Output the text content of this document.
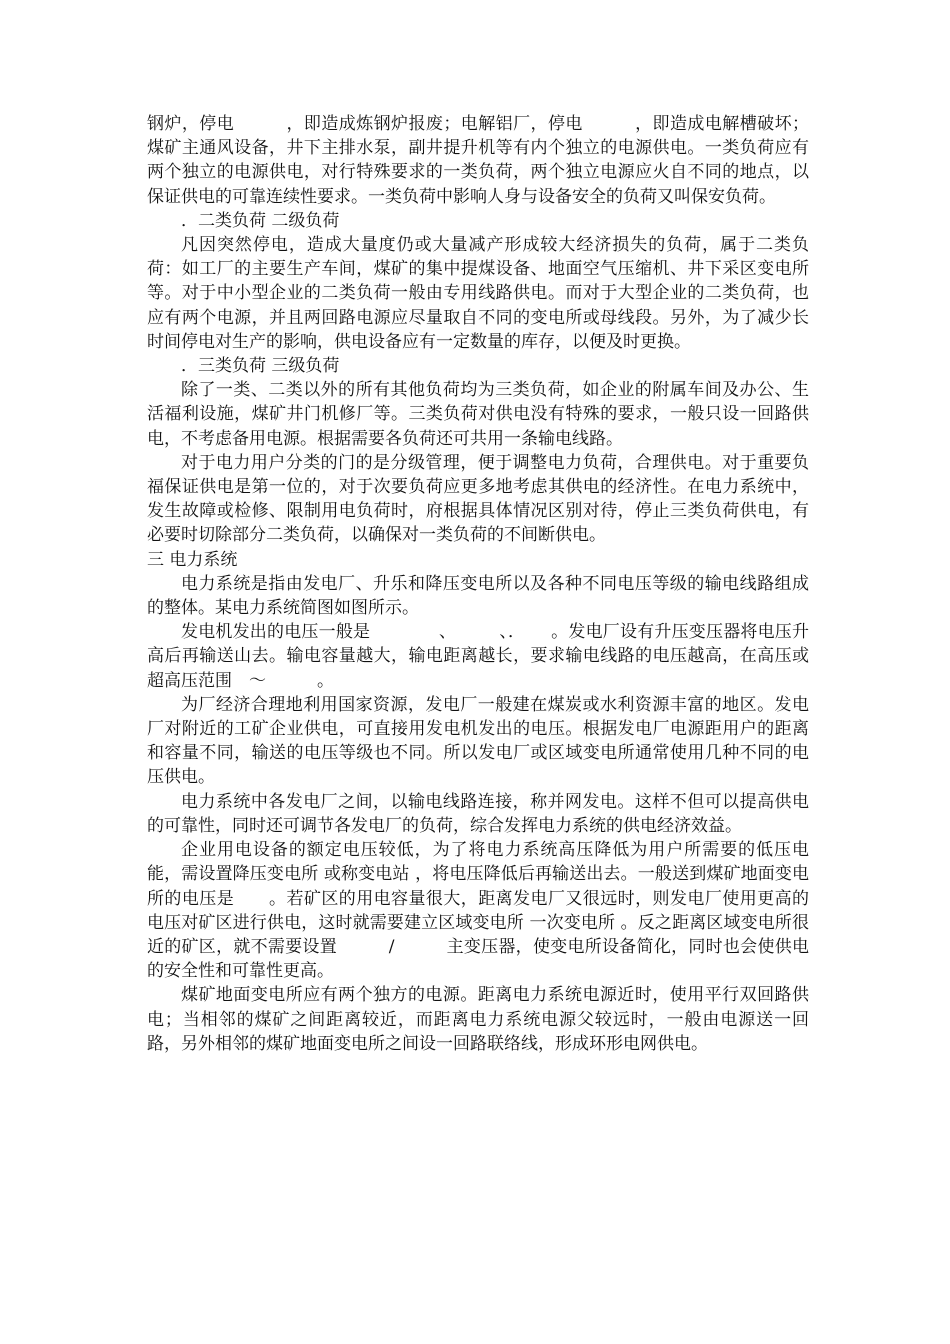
钢炉，停电　　　，即造成炼钢炉报废；电解铝厂，停电　　　，即造成电解槽破坏；煤矿主通风设备，井下主排水泵，副井提升机等有内个独立的电源供电。一类负荷应有两个独立的电源供电，对行特殊要求的一类负荷，两个独立电源应火自不同的地点，以保证供电的可靠连续性要求。一类负荷中影响人身与设备安全的负荷又叫保安负荷。

．二类负荷 二级负荷

凡因突然停电，造成大量度仍或大量减产形成较大经济损失的负荷，属于二类负荷：如工厂的主要生产车间，煤矿的集中提煤设备、地面空气压缩机、井下采区变电所等。对于中小型企业的二类负荷一般由专用线路供电。而对于大型企业的二类负荷，也应有两个电源，并且两回路电源应尽量取自不同的变电所或母线段。另外，为了减少长时间停电对生产的影响，供电设备应有一定数量的库存，以便及时更换。

．三类负荷 三级负荷

除了一类、二类以外的所有其他负荷均为三类负荷，如企业的附属车间及办公、生活福利设施，煤矿井门机修厂等。三类负荷对供电没有特殊的要求，一般只设一回路供电，不考虑备用电源。根据需要各负荷还可共用一条输电线路。

对于电力用户分类的门的是分级管理，便于调整电力负荷，合理供电。对于重要负福保证供电是第一位的，对于次要负荷应更多地考虑其供电的经济性。在电力系统中，发生故障或检修、限制用电负荷时，府根据具体情况区别对待，停止三类负荷供电，有必要时切除部分二类负荷，以确保对一类负荷的不间断供电。

三 电力系统

电力系统是指由发电厂、升乐和降压变电所以及各种不同电压等级的输电线路组成的整体。某电力系统简图如图所示。

发电机发出的电压一般是　　　　、　　　、．　　。发电厂设有升压变压器将电压升高后再输送山去。输电容量越大，输电距离越长，要求输电线路的电压越高，在高压或超高压范围　～　　　。

为厂经济合理地利用国家资源，发电厂一般建在煤炭或水利资源丰富的地区。发电厂对附近的工矿企业供电，可直接用发电机发出的电压。根据发电厂电源距用户的距离和容量不同，输送的电压等级也不同。所以发电厂或区域变电所通常使用几种不同的电压供电。

电力系统中各发电厂之间，以输电线路连接，称并网发电。这样不但可以提高供电的可靠性，同时还可调节各发电厂的负荷，综合发挥电力系统的供电经济效益。

企业用电设备的额定电压较低，为了将电力系统高压降低为用户所需要的低压电能，需设置降压变电所 或称变电站 ，将电压降低后再输送出去。一般送到煤矿地面变电所的电压是　　。若矿区的用电容量很大，距离发电厂又很远时，则发电厂使用更高的电压对矿区进行供电，这时就需要建立区域变电所 一次变电所 。反之距离区域变电所很近的矿区，就不需要设置　　　/　　　主变压器，使变电所设备简化，同时也会使供电的安全性和可靠性更高。

煤矿地面变电所应有两个独方的电源。距离电力系统电源近时，使用平行双回路供电；当相邻的煤矿之间距离较近，而距离电力系统电源父较远时，一般由电源送一回路，另外相邻的煤矿地面变电所之间设一回路联络线，形成环形电网供电。
